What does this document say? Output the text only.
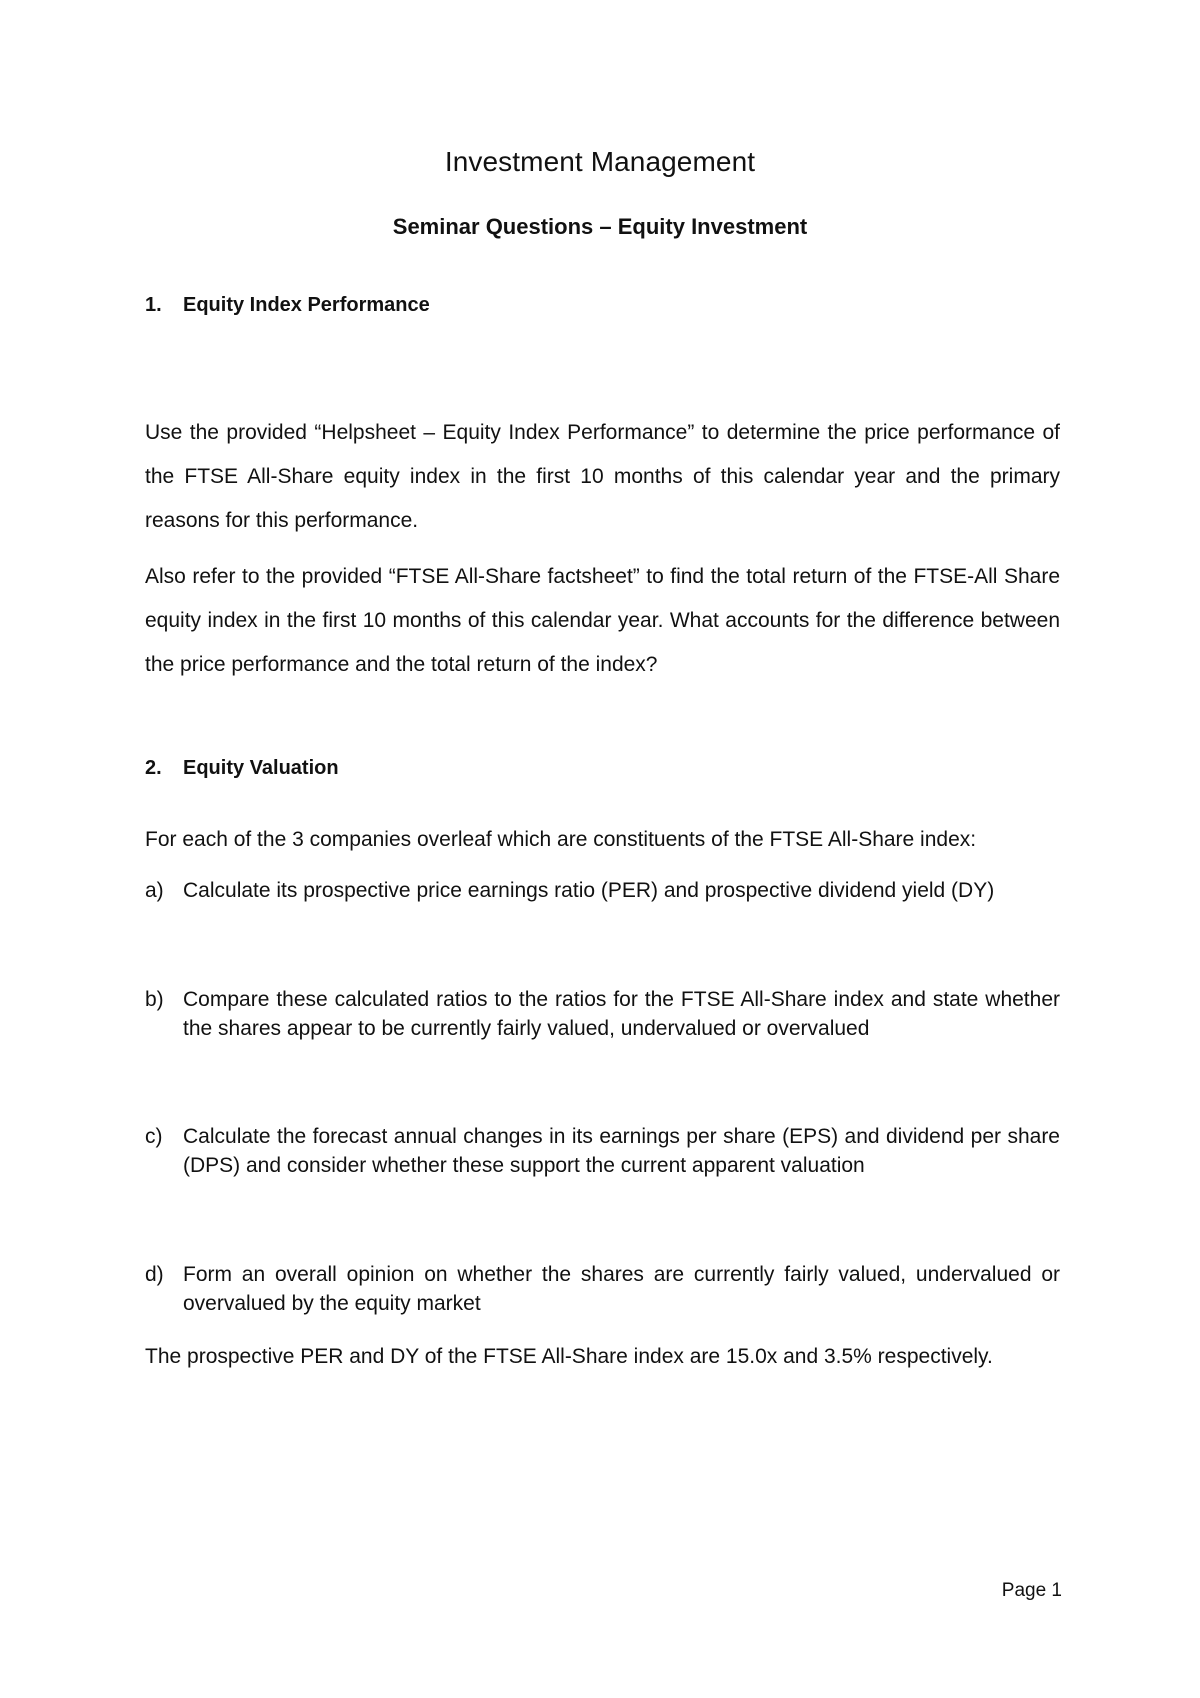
Investment Management
Seminar Questions – Equity Investment
1. Equity Index Performance
Use the provided “Helpsheet – Equity Index Performance” to determine the price performance of the FTSE All-Share equity index in the first 10 months of this calendar year and the primary reasons for this performance.
Also refer to the provided “FTSE All-Share factsheet” to find the total return of the FTSE-All Share equity index in the first 10 months of this calendar year. What accounts for the difference between the price performance and the total return of the index?
2. Equity Valuation
For each of the 3 companies overleaf which are constituents of the FTSE All-Share index:
a) Calculate its prospective price earnings ratio (PER) and prospective dividend yield (DY)
b) Compare these calculated ratios to the ratios for the FTSE All-Share index and state whether the shares appear to be currently fairly valued, undervalued or overvalued
c) Calculate the forecast annual changes in its earnings per share (EPS) and dividend per share (DPS) and consider whether these support the current apparent valuation
d) Form an overall opinion on whether the shares are currently fairly valued, undervalued or overvalued by the equity market
The prospective PER and DY of the FTSE All-Share index are 15.0x and 3.5% respectively.
Page 1
